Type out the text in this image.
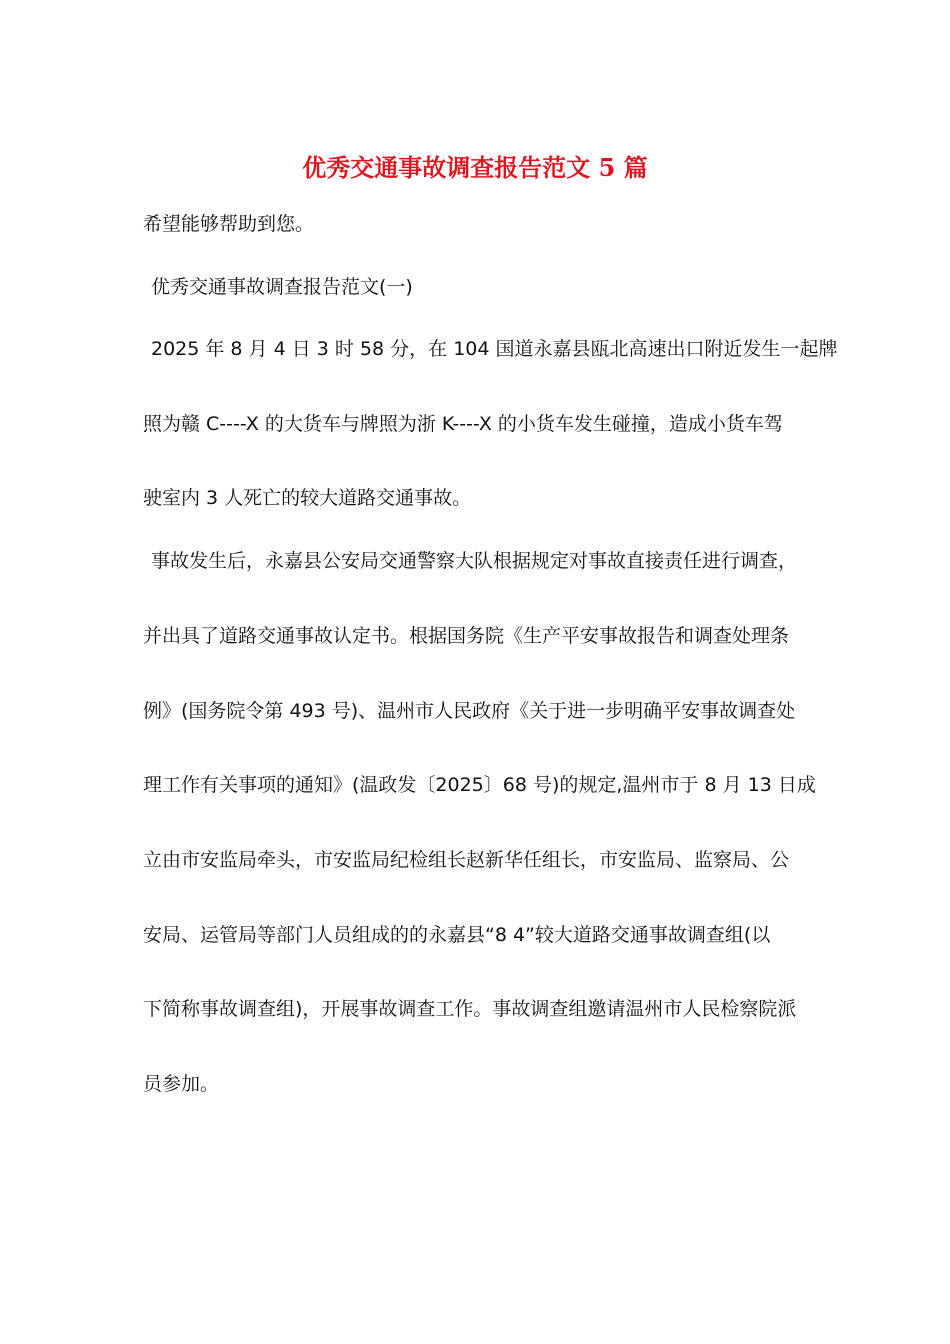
优秀交通事故调查报告范文 5 篇
希望能够帮助到您。
优秀交通事故调查报告范文(一)
2025 年 8 月 4 日 3 时 58 分，在 104 国道永嘉县瓯北高速出口附近发生一起牌
照为赣 C----X 的大货车与牌照为浙 K----X 的小货车发生碰撞，造成小货车驾
驶室内 3 人死亡的较大道路交通事故。
事故发生后，永嘉县公安局交通警察大队根据规定对事故直接责任进行调查，
并出具了道路交通事故认定书。根据国务院《生产平安事故报告和调查处理条
例》(国务院令第 493 号)、温州市人民政府《关于进一步明确平安事故调查处
理工作有关事项的通知》(温政发〔2025〕68 号)的规定,温州市于 8 月 13 日成
立由市安监局牵头，市安监局纪检组长赵新华任组长，市安监局、监察局、公
安局、运管局等部门人员组成的的永嘉县“8 4”较大道路交通事故调查组(以
下简称事故调查组)，开展事故调查工作。事故调查组邀请温州市人民检察院派
员参加。
